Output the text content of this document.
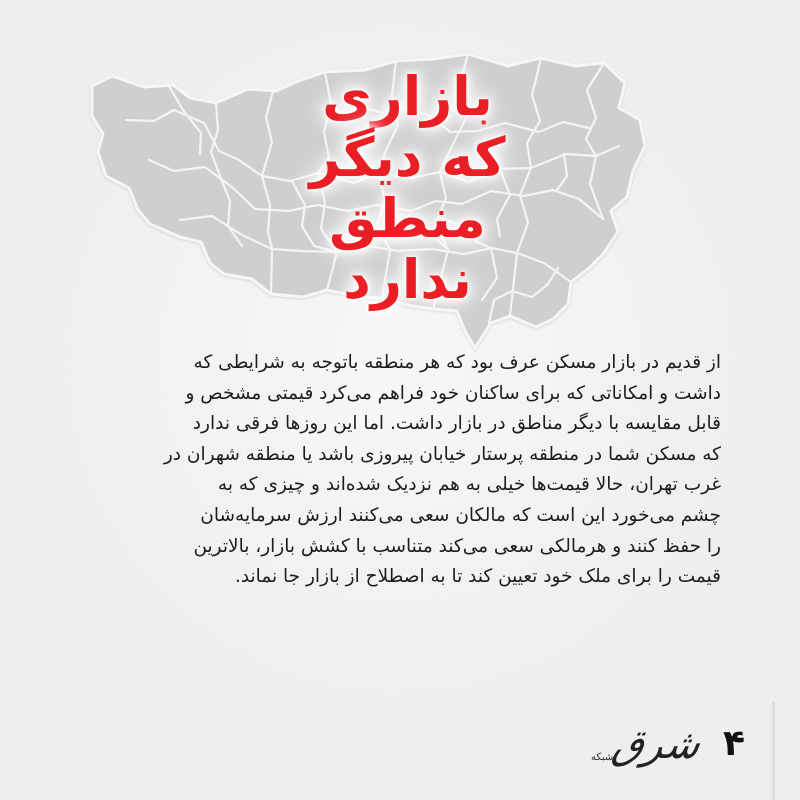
بازاری
که دیگر
منطق
ندارد
از قدیم در بازار مسکن عرف بود که هر منطقه باتوجه به شرایطی که
داشت و امکاناتی که برای ساکنان خود فراهم می‌کرد قیمتی مشخص و
قابل مقایسه با دیگر مناطق در بازار داشت. اما این روزها فرقی ندارد
که مسکن شما در منطقه پرستار خیابان پیروزی باشد یا منطقه شهران در
غرب تهران، حالا قیمت‌ها خیلی به هم نزدیک شده‌اند و چیزی که به
چشم می‌خورد این است که مالکان سعی می‌کنند ارزش سرمایه‌شان
را حفظ کنند و هرمالکی سعی می‌کند متناسب با کشش بازار، بالاترین
قیمت را برای ملک خود تعیین کند تا به اصطلاح از بازار جا نماند.
شرق
شبکه	۴
